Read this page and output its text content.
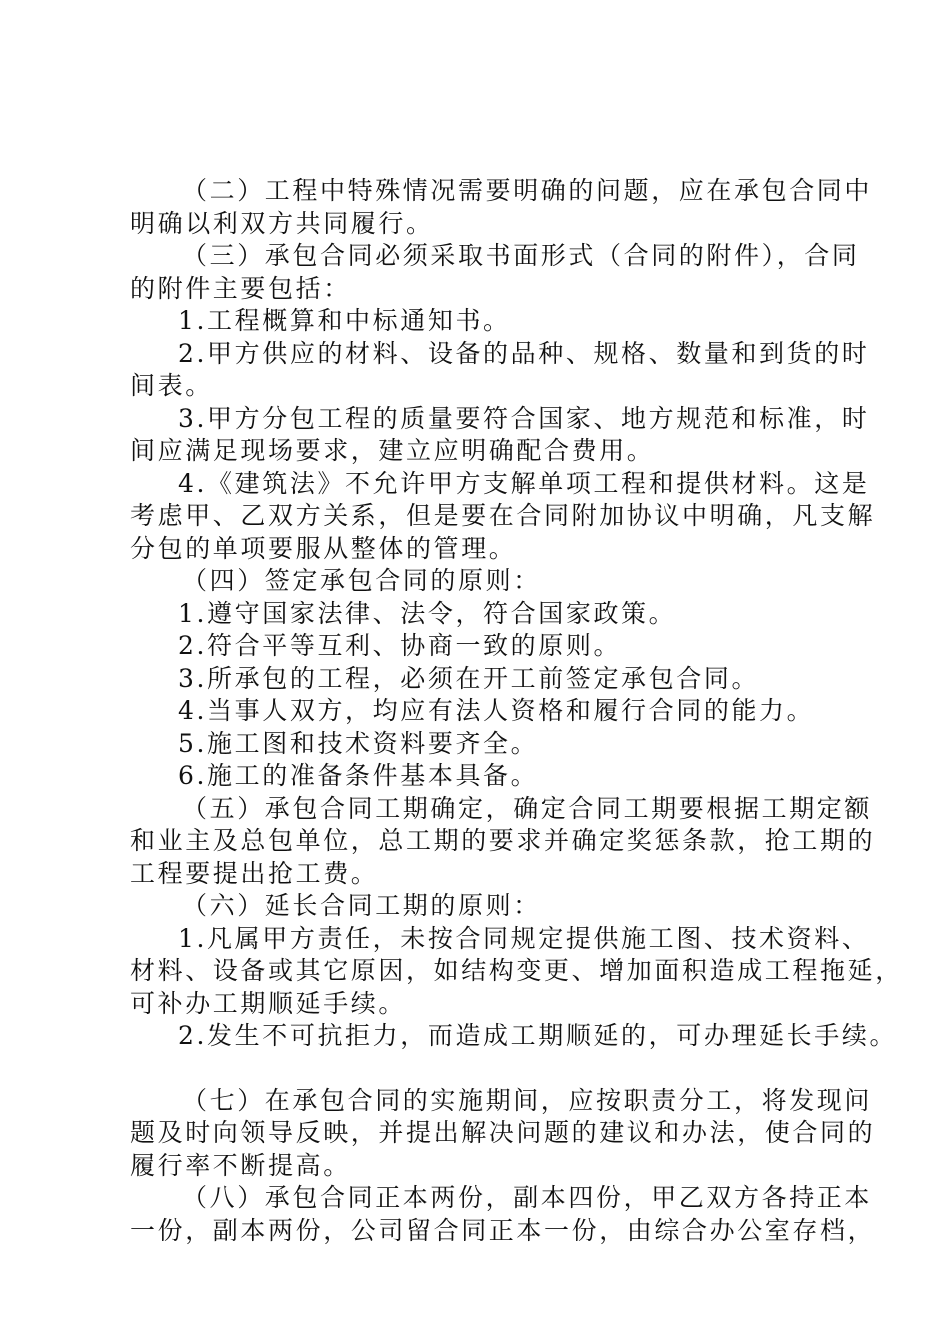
（二）工程中特殊情况需要明确的问题，应在承包合同中

明确以利双方共同履行。

（三）承包合同必须采取书面形式（合同的附件），合同

的附件主要包括：

1.工程概算和中标通知书。

2.甲方供应的材料、设备的品种、规格、数量和到货的时

间表。

3.甲方分包工程的质量要符合国家、地方规范和标准，时

间应满足现场要求，建立应明确配合费用。

4.《建筑法》不允许甲方支解单项工程和提供材料。这是

考虑甲、乙双方关系，但是要在合同附加协议中明确，凡支解

分包的单项要服从整体的管理。

（四）签定承包合同的原则：

1.遵守国家法律、法令，符合国家政策。

2.符合平等互利、协商一致的原则。

3.所承包的工程，必须在开工前签定承包合同。

4.当事人双方，均应有法人资格和履行合同的能力。

5.施工图和技术资料要齐全。

6.施工的准备条件基本具备。

（五）承包合同工期确定，确定合同工期要根据工期定额

和业主及总包单位，总工期的要求并确定奖惩条款，抢工期的

工程要提出抢工费。

（六）延长合同工期的原则：

1.凡属甲方责任，未按合同规定提供施工图、技术资料、

材料、设备或其它原因，如结构变更、增加面积造成工程拖延，

可补办工期顺延手续。

2.发生不可抗拒力，而造成工期顺延的，可办理延长手续。

（七）在承包合同的实施期间，应按职责分工，将发现问

题及时向领导反映，并提出解决问题的建议和办法，使合同的

履行率不断提高。

（八）承包合同正本两份，副本四份，甲乙双方各持正本

一份，副本两份，公司留合同正本一份，由综合办公室存档，
